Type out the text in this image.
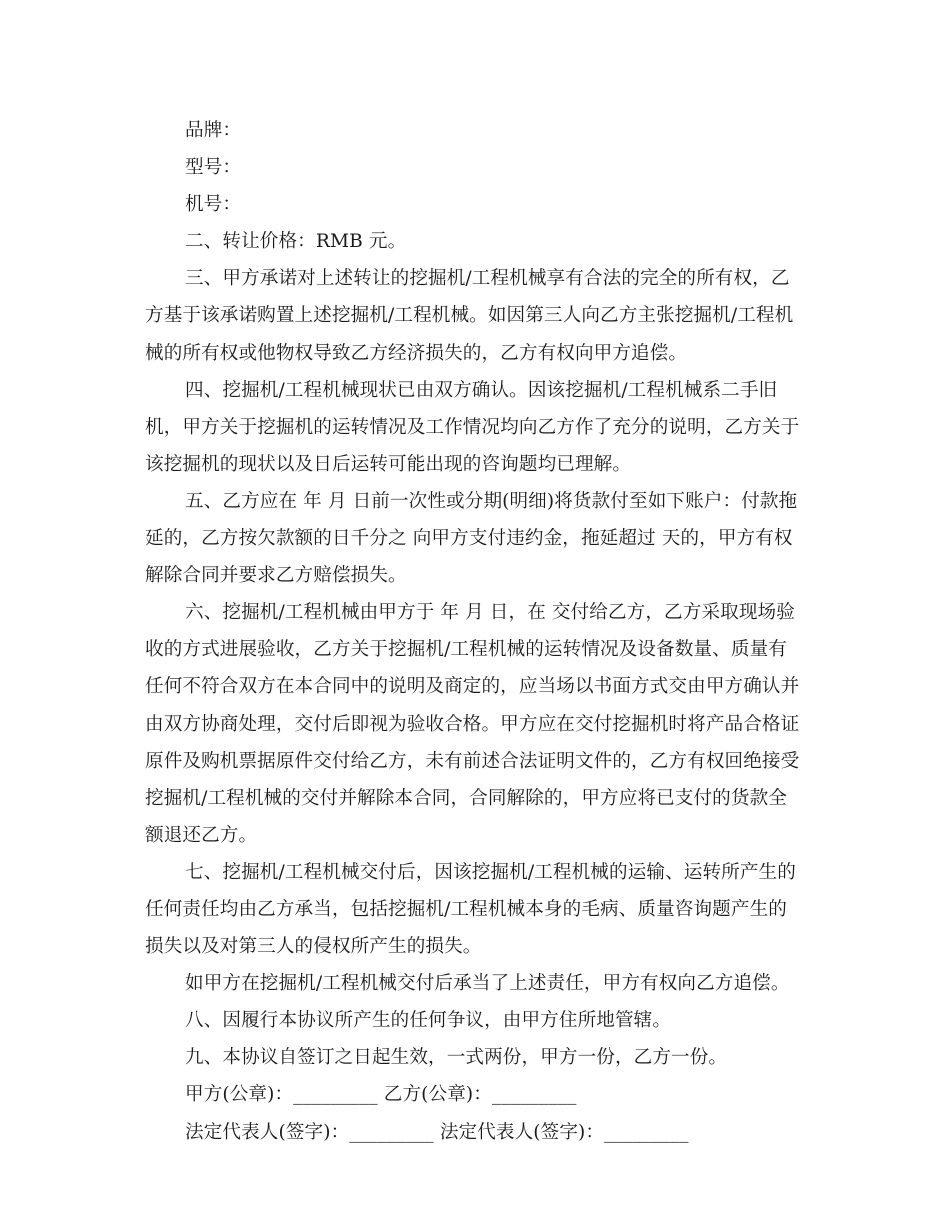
品牌：
型号：
机号：
二、转让价格：RMB 元。
三、甲方承诺对上述转让的挖掘机/工程机械享有合法的完全的所有权，乙
方基于该承诺购置上述挖掘机/工程机械。如因第三人向乙方主张挖掘机/工程机
械的所有权或他物权导致乙方经济损失的，乙方有权向甲方追偿。
四、挖掘机/工程机械现状已由双方确认。因该挖掘机/工程机械系二手旧
机，甲方关于挖掘机的运转情况及工作情况均向乙方作了充分的说明，乙方关于
该挖掘机的现状以及日后运转可能出现的咨询题均已理解。
五、乙方应在 年 月 日前一次性或分期(明细)将货款付至如下账户：付款拖
延的，乙方按欠款额的日千分之 向甲方支付违约金，拖延超过 天的，甲方有权
解除合同并要求乙方赔偿损失。
六、挖掘机/工程机械由甲方于 年 月 日，在 交付给乙方，乙方采取现场验
收的方式进展验收，乙方关于挖掘机/工程机械的运转情况及设备数量、质量有
任何不符合双方在本合同中的说明及商定的，应当场以书面方式交由甲方确认并
由双方协商处理，交付后即视为验收合格。甲方应在交付挖掘机时将产品合格证
原件及购机票据原件交付给乙方，未有前述合法证明文件的，乙方有权回绝接受
挖掘机/工程机械的交付并解除本合同，合同解除的，甲方应将已支付的货款全
额退还乙方。
七、挖掘机/工程机械交付后，因该挖掘机/工程机械的运输、运转所产生的
任何责任均由乙方承当，包括挖掘机/工程机械本身的毛病、质量咨询题产生的
损失以及对第三人的侵权所产生的损失。
如甲方在挖掘机/工程机械交付后承当了上述责任，甲方有权向乙方追偿。
八、因履行本协议所产生的任何争议，由甲方住所地管辖。
九、本协议自签订之日起生效，一式两份，甲方一份，乙方一份。
甲方(公章)：_________ 乙方(公章)：_________
法定代表人(签字)：_________ 法定代表人(签字)：_________
